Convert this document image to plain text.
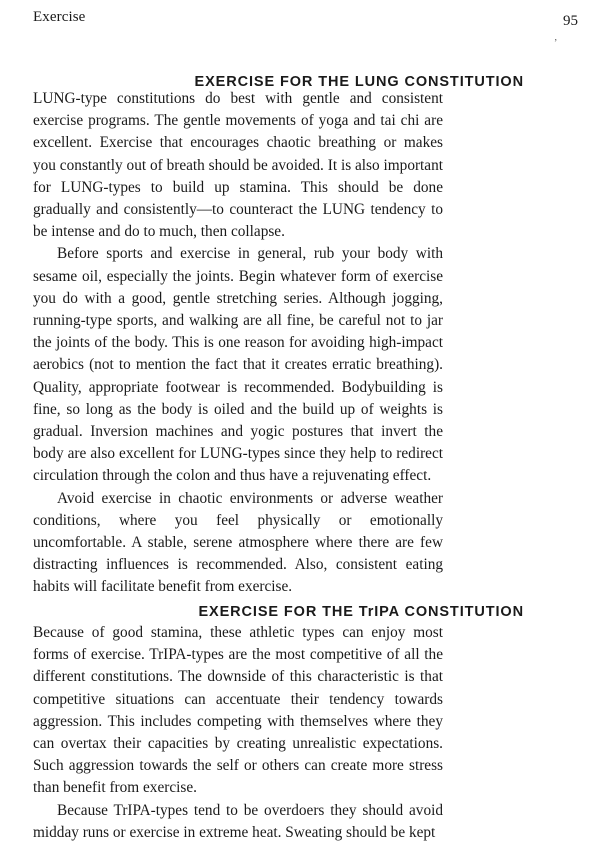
Exercise	95
’
EXERCISE FOR THE LUNG CONSTITUTION

LUNG-type constitutions do best with gentle and consistent exercise programs. The gentle movements of yoga and tai chi are excellent. Exercise that encourages chaotic breathing or makes you constantly out of breath should be avoided. It is also important for LUNG-types to build up stamina. This should be done gradually and consistently—to counteract the LUNG tendency to be intense and do to much, then collapse.

Before sports and exercise in general, rub your body with sesame oil, especially the joints. Begin whatever form of exercise you do with a good, gentle stretching series. Although jogging, running-type sports, and walking are all fine, be careful not to jar the joints of the body. This is one reason for avoiding high-impact aerobics (not to mention the fact that it creates erratic breathing). Quality, appropriate footwear is recommended. Bodybuilding is fine, so long as the body is oiled and the build up of weights is gradual. Inversion machines and yogic postures that invert the body are also excellent for LUNG-types since they help to redirect circulation through the colon and thus have a rejuvenating effect.

Avoid exercise in chaotic environments or adverse weather conditions, where you feel physically or emotionally uncomfortable. A stable, serene atmosphere where there are few distracting influences is recommended. Also, consistent eating habits will facilitate benefit from exercise.

EXERCISE FOR THE TrIPA CONSTITUTION

Because of good stamina, these athletic types can enjoy most forms of exercise. TrIPA-types are the most competitive of all the different constitutions. The downside of this characteristic is that competitive situations can accentuate their tendency towards aggression. This includes competing with themselves where they can overtax their capacities by creating unrealistic expectations. Such aggression towards the self or others can create more stress than benefit from exercise.

Because TrIPA-types tend to be overdoers they should avoid midday runs or exercise in extreme heat. Sweating should be kept
